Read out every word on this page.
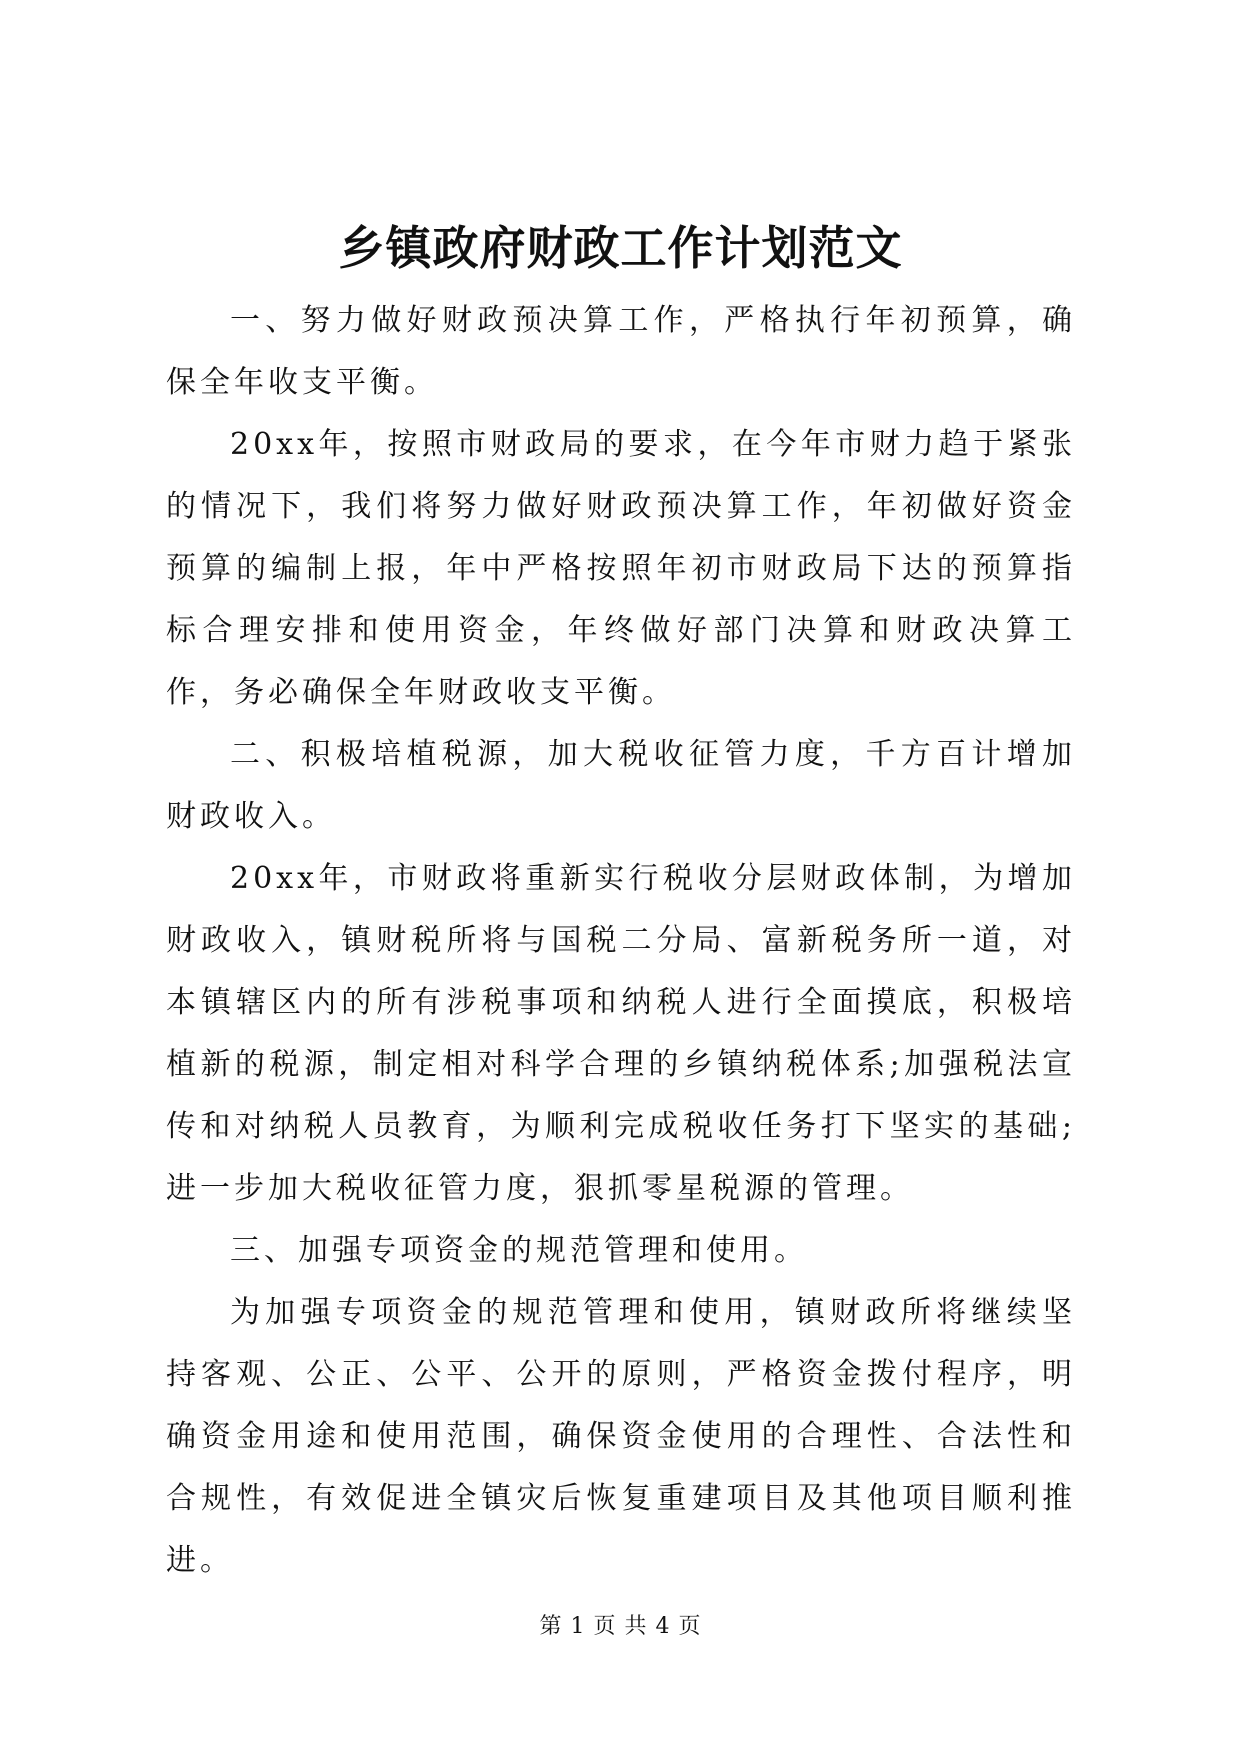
乡镇政府财政工作计划范文

一、努力做好财政预决算工作，严格执行年初预算，确保全年收支平衡。

20xx年，按照市财政局的要求，在今年市财力趋于紧张的情况下，我们将努力做好财政预决算工作，年初做好资金预算的编制上报，年中严格按照年初市财政局下达的预算指标合理安排和使用资金，年终做好部门决算和财政决算工作，务必确保全年财政收支平衡。

二、积极培植税源，加大税收征管力度，千方百计增加财政收入。

20xx年，市财政将重新实行税收分层财政体制，为增加财政收入，镇财税所将与国税二分局、富新税务所一道，对本镇辖区内的所有涉税事项和纳税人进行全面摸底，积极培植新的税源，制定相对科学合理的乡镇纳税体系;加强税法宣传和对纳税人员教育，为顺利完成税收任务打下坚实的基础;进一步加大税收征管力度，狠抓零星税源的管理。

三、加强专项资金的规范管理和使用。

为加强专项资金的规范管理和使用，镇财政所将继续坚持客观、公正、公平、公开的原则，严格资金拨付程序，明确资金用途和使用范围，确保资金使用的合理性、合法性和合规性，有效促进全镇灾后恢复重建项目及其他项目顺利推进。

第 1 页 共 4 页
